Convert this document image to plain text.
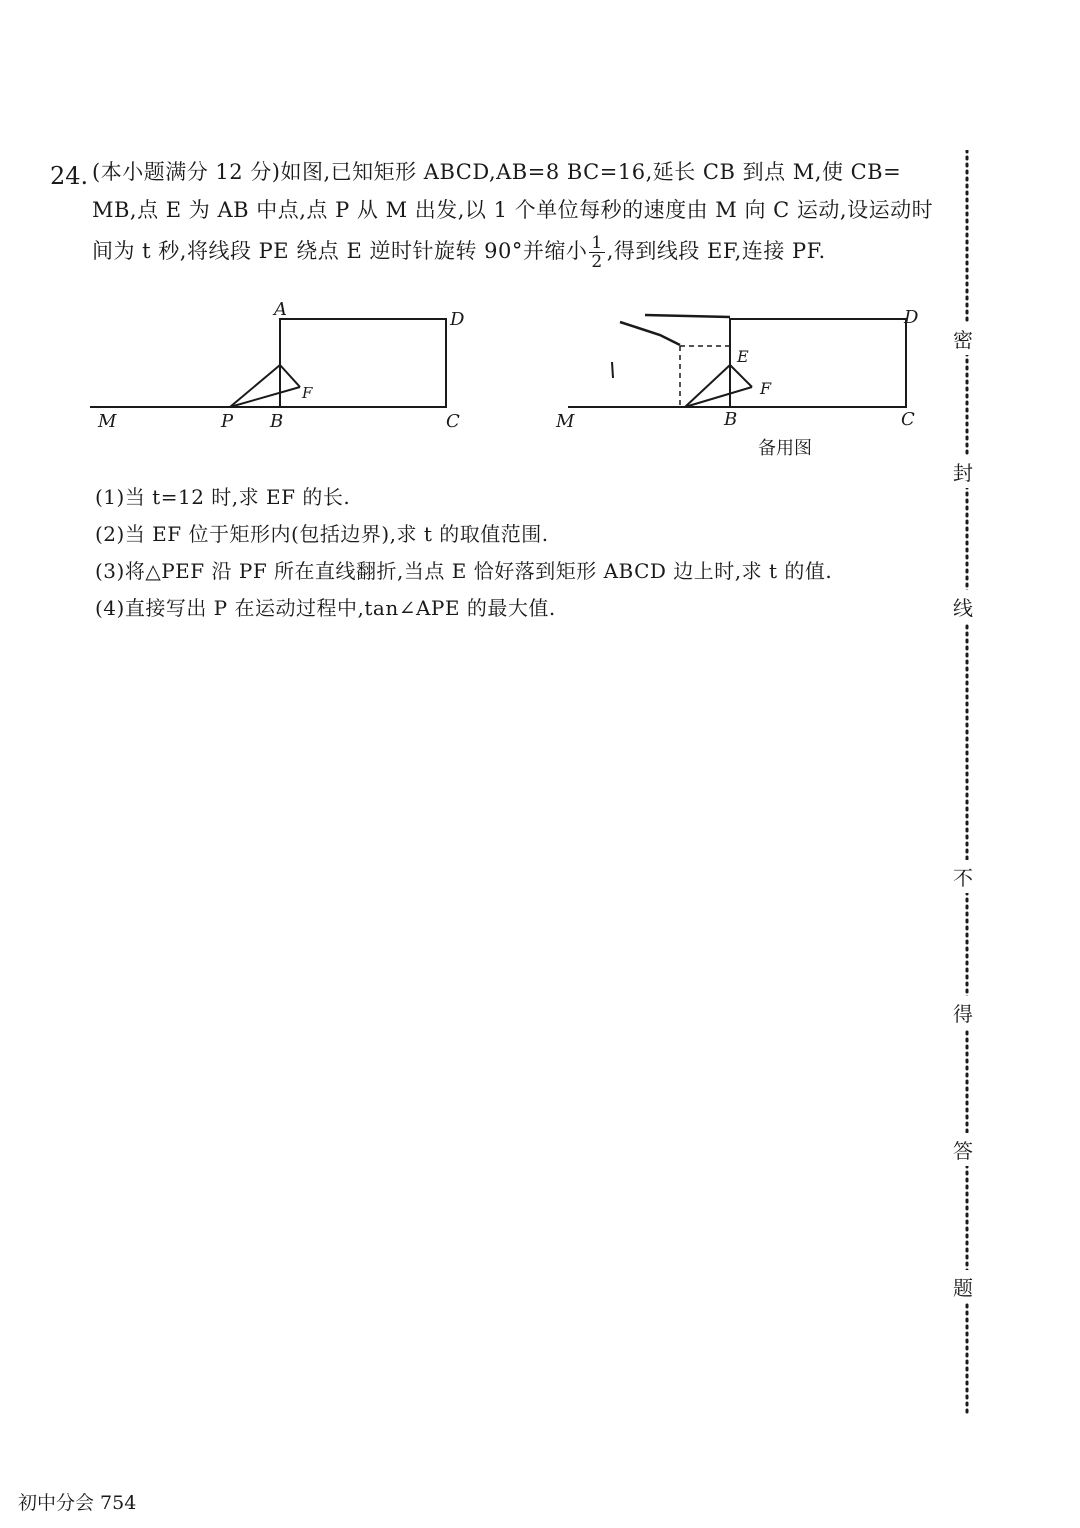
24. (本小题满分 12 分)如图,已知矩形 ABCD,AB=8 BC=16,延长 CB 到点 M,使 CB=
MB,点 E 为 AB 中点,点 P 从 M 出发,以 1 个单位每秒的速度由 M 向 C 运动,设运动时
间为 t 秒,将线段 PE 绕点 E 逆时针旋转 90°并缩小 $\frac{1}{2}$ ,得到线段 EF,连接 PF.
A	D
M	P B	C
F
D
E
F
M	B	C
备用图
(1)当 t=12 时,求 EF 的长.
(2)当 EF 位于矩形内(包括边界),求 t 的取值范围.
(3)将△PEF 沿 PF 所在直线翻折,当点 E 恰好落到矩形 ABCD 边上时,求 t 的值.
(4)直接写出 P 在运动过程中,tan∠APE 的最大值.
密
封
线
不
得
答
题
初中分会 754
